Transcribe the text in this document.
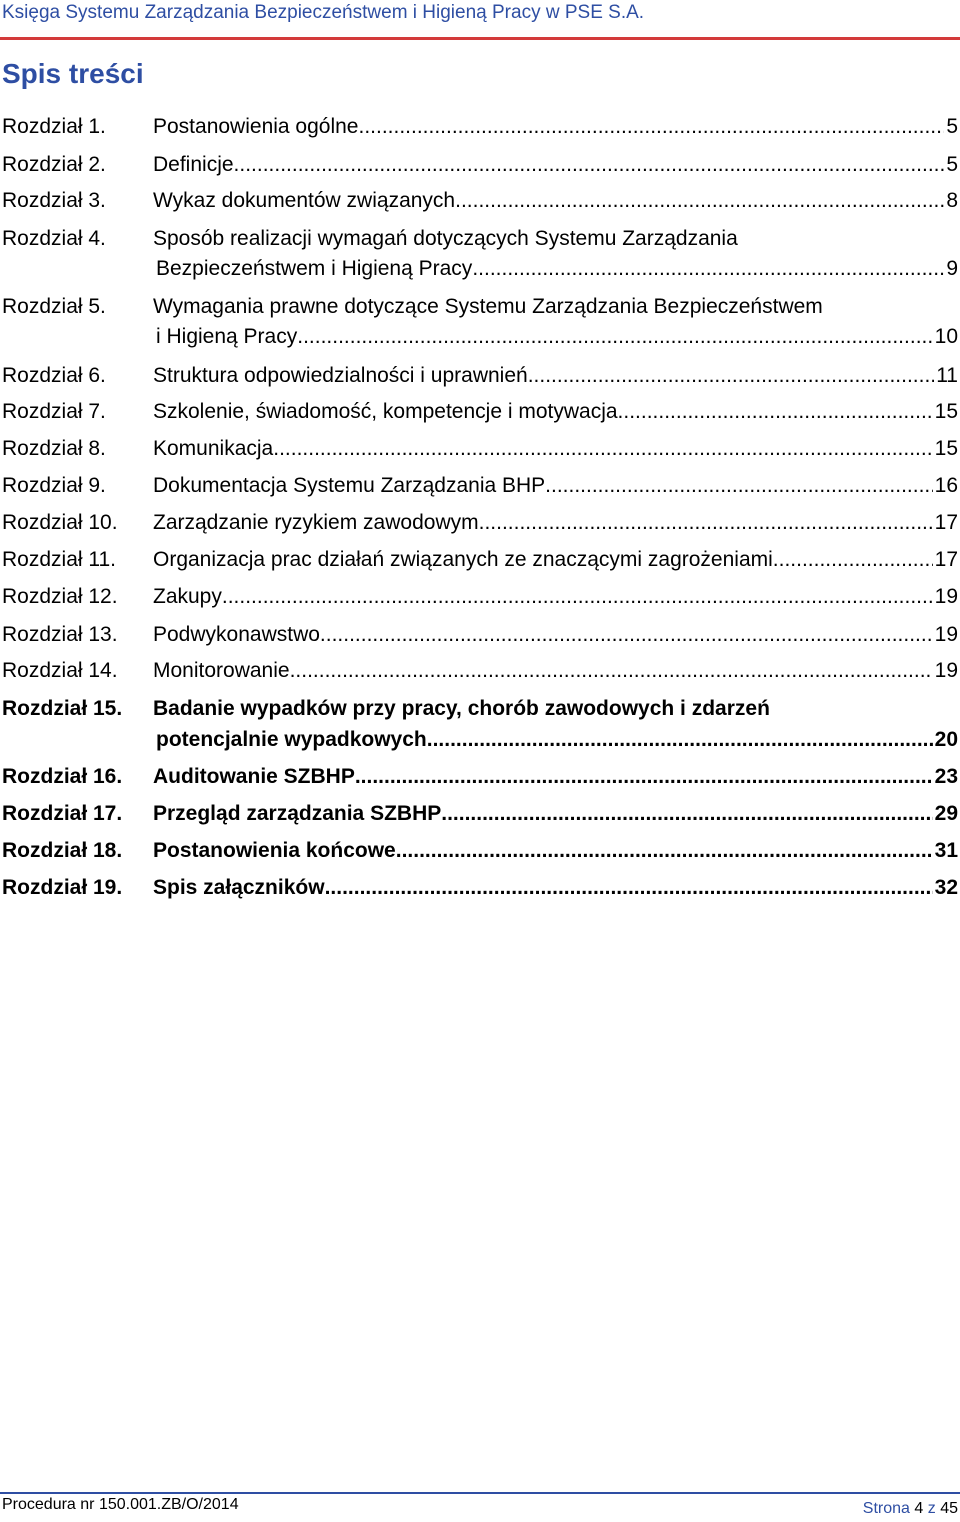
Księga Systemu Zarządzania Bezpieczeństwem i Higieną Pracy w PSE S.A.
Spis treści
Rozdział 1. Postanowienia ogólne .....	5
Rozdział 2. Definicje .....	5
Rozdział 3. Wykaz dokumentów związanych .....	8
Rozdział 4. Sposób realizacji wymagań dotyczących Systemu Zarządzania
Bezpieczeństwem i Higieną Pracy .....	9
Rozdział 5. Wymagania prawne dotyczące Systemu Zarządzania Bezpieczeństwem
i Higieną Pracy .....	10
Rozdział 6. Struktura odpowiedzialności i uprawnień .....	11
Rozdział 7. Szkolenie, świadomość, kompetencje i motywacja .....	15
Rozdział 8. Komunikacja .....	15
Rozdział 9. Dokumentacja Systemu Zarządzania BHP .....	16
Rozdział 10. Zarządzanie ryzykiem zawodowym .....	17
Rozdział 11. Organizacja prac działań związanych ze znaczącymi zagrożeniami .....	17
Rozdział 12. Zakupy .....	19
Rozdział 13. Podwykonawstwo .....	19
Rozdział 14. Monitorowanie .....	19
Rozdział 15. Badanie wypadków przy pracy, chorób zawodowych i zdarzeń
potencjalnie wypadkowych .....	20
Rozdział 16. Auditowanie SZBHP .....	23
Rozdział 17. Przegląd zarządzania SZBHP .....	29
Rozdział 18. Postanowienia końcowe .....	31
Rozdział 19. Spis załączników .....	32
Procedura nr 150.001.ZB/O/2014	Strona 4 z 45
